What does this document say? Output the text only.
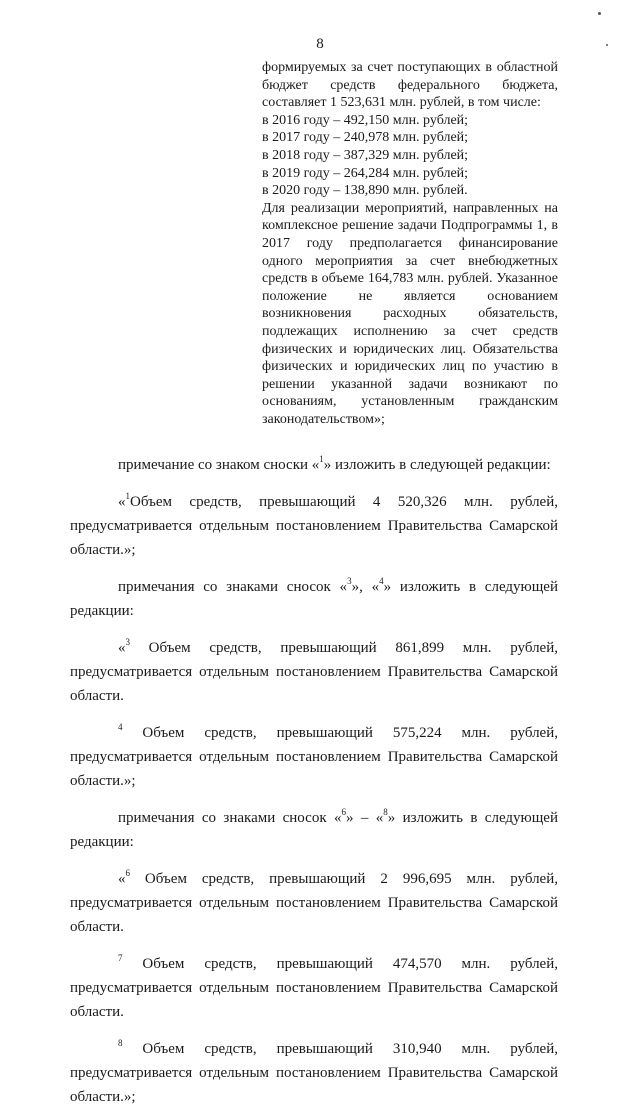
8

формируемых за счет поступающих в областной бюджет средств федерального бюджета, составляет 1 523,631 млн. рублей, в том числе:

в 2016 году – 492,150 млн. рублей;

в 2017 году – 240,978 млн. рублей;

в 2018 году – 387,329 млн. рублей;

в 2019 году – 264,284 млн. рублей;

в 2020 году – 138,890 млн. рублей.

Для реализации мероприятий, направленных на комплексное решение задачи Подпрограммы 1, в 2017 году предполагается финансирование одного мероприятия за счет внебюджетных средств в объеме 164,783 млн. рублей. Указанное положение не является основанием возникновения расходных обязательств, подлежащих исполнению за счет средств физических и юридических лиц. Обязательства физических и юридических лиц по участию в решении указанной задачи возникают по основаниям, установленным гражданским законодательством»;

примечание со знаком сноски «$^1$» изложить в следующей редакции:

«$^1$Объем средств, превышающий 4 520,326 млн. рублей, предусматривается отдельным постановлением Правительства Самарской области.»;

примечания со знаками сносок «$^3$», «$^4$» изложить в следующей редакции:

«$^3$ Объем средств, превышающий 861,899 млн. рублей, предусматривается отдельным постановлением Правительства Самарской области.

$^4$ Объем средств, превышающий 575,224 млн. рублей, предусматривается отдельным постановлением Правительства Самарской области.»;

примечания со знаками сносок «$^6$» – «$^8$» изложить в следующей редакции:

«$^6$ Объем средств, превышающий 2 996,695 млн. рублей, предусматривается отдельным постановлением Правительства Самарской области.

$^7$ Объем средств, превышающий 474,570 млн. рублей, предусматривается отдельным постановлением Правительства Самарской области.

$^8$ Объем средств, превышающий 310,940 млн. рублей, предусматривается отдельным постановлением Правительства Самарской области.»;
